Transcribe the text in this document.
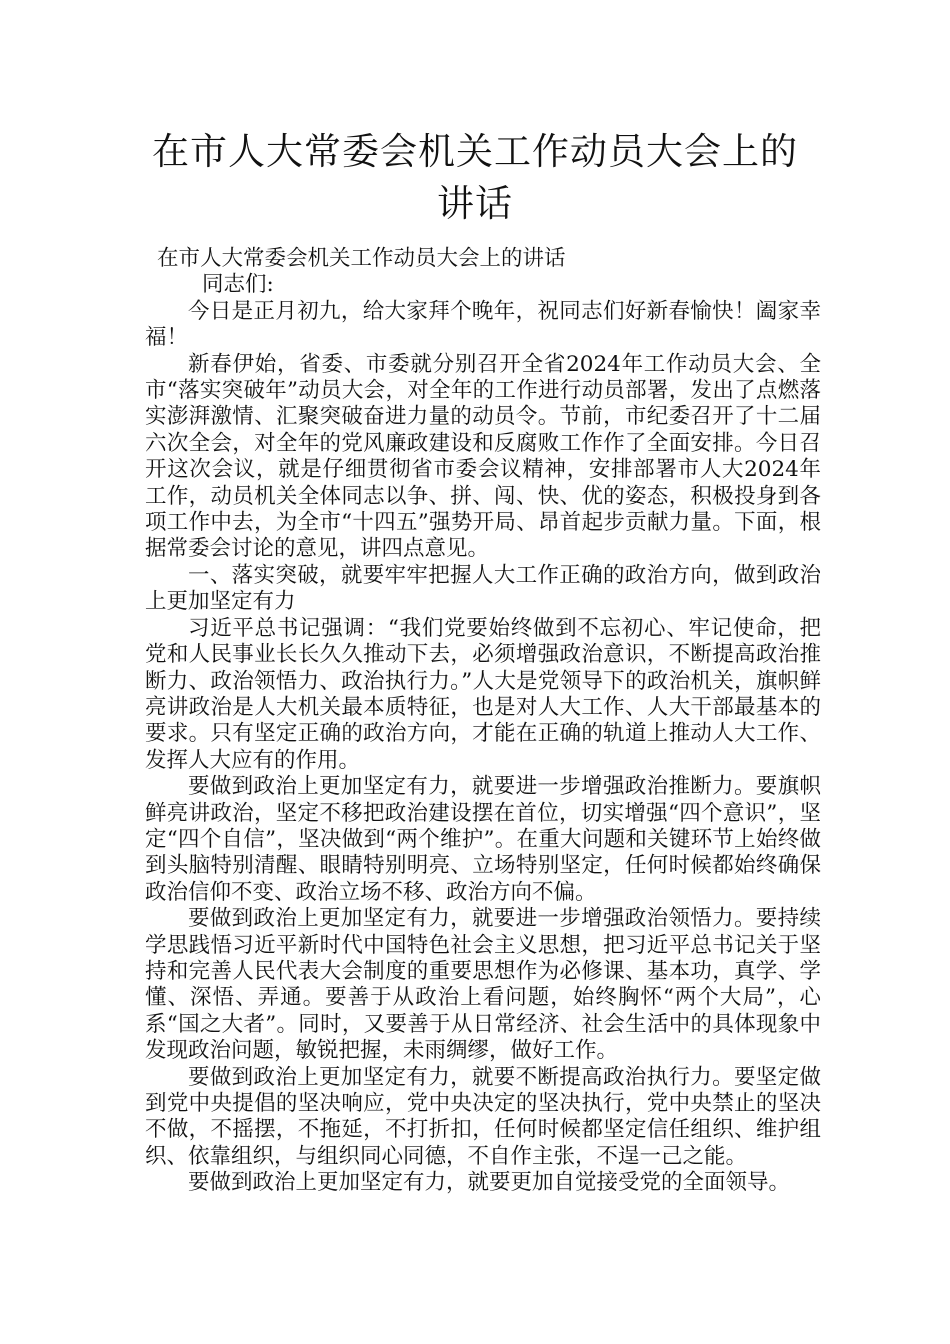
在市人大常委会机关工作动员大会上的讲话

在市人大常委会机关工作动员大会上的讲话

同志们:

今日是正月初九，给大家拜个晚年，祝同志们好新春愉快！阖家幸福！

新春伊始，省委、市委就分别召开全省2024年工作动员大会、全市“落实突破年”动员大会，对全年的工作进行动员部署，发出了点燃落实澎湃激情、汇聚突破奋进力量的动员令。节前，市纪委召开了十二届六次全会，对全年的党风廉政建设和反腐败工作作了全面安排。今日召开这次会议，就是仔细贯彻省市委会议精神，安排部署市人大2024年工作，动员机关全体同志以争、拼、闯、快、优的姿态，积极投身到各项工作中去，为全市“十四五”强势开局、昂首起步贡献力量。下面，根据常委会讨论的意见，讲四点意见。

一、落实突破，就要牢牢把握人大工作正确的政治方向，做到政治上更加坚定有力

习近平总书记强调：“我们党要始终做到不忘初心、牢记使命，把党和人民事业长长久久推动下去，必须增强政治意识，不断提高政治推断力、政治领悟力、政治执行力。”人大是党领导下的政治机关，旗帜鲜亮讲政治是人大机关最本质特征，也是对人大工作、人大干部最基本的要求。只有坚定正确的政治方向，才能在正确的轨道上推动人大工作、发挥人大应有的作用。

要做到政治上更加坚定有力，就要进一步增强政治推断力。要旗帜鲜亮讲政治，坚定不移把政治建设摆在首位，切实增强“四个意识”，坚定“四个自信”，坚决做到“两个维护”。在重大问题和关键环节上始终做到头脑特别清醒、眼睛特别明亮、立场特别坚定，任何时候都始终确保政治信仰不变、政治立场不移、政治方向不偏。

要做到政治上更加坚定有力，就要进一步增强政治领悟力。要持续学思践悟习近平新时代中国特色社会主义思想，把习近平总书记关于坚持和完善人民代表大会制度的重要思想作为必修课、基本功，真学、学懂、深悟、弄通。要善于从政治上看问题，始终胸怀“两个大局”，心系“国之大者”。同时，又要善于从日常经济、社会生活中的具体现象中发现政治问题，敏锐把握，未雨绸缪，做好工作。

要做到政治上更加坚定有力，就要不断提高政治执行力。要坚定做到党中央提倡的坚决响应，党中央决定的坚决执行，党中央禁止的坚决不做，不摇摆，不拖延，不打折扣，任何时候都坚定信任组织、维护组织、依靠组织，与组织同心同德，不自作主张，不逞一己之能。

要做到政治上更加坚定有力，就要更加自觉接受党的全面领导。
